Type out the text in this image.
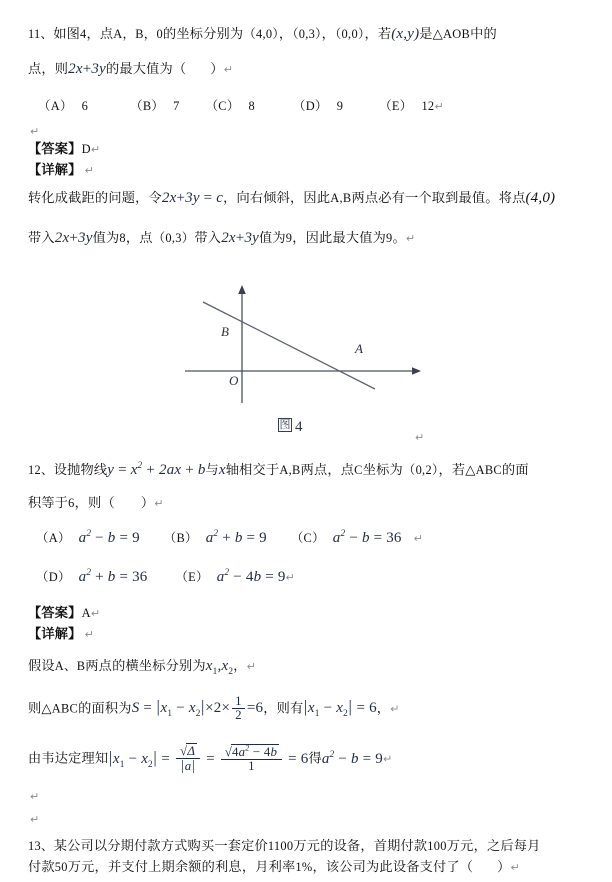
11、如图4，点A，B，0的坐标分别为（4,0），（0,3），（0,0），若(x,y)是△AOB中的
点，则2x+3y的最大值为（ ）↵
（A） 6	（B） 7 （C） 8	（D） 9	（E） 12↵
↵
【答案】D↵
【详解】 ↵
转化成截距的问题，令2x+3y = c，向右倾斜，因此A,B两点必有一个取到最值。将点(4,0)
带入2x+3y值为8，点（0,3）带入2x+3y值为9，因此最大值为9。↵
B
O
A
图 4
↵
12、设抛物线$y = x^2 + 2ax + b$与x轴相交于A,B两点，点C坐标为（0,2），若△ABC的面
积等于6，则（ ）↵
（A） $a^2 - b = 9$ （B） $a^2 + b = 9$ （C） $a^2 - b = 36$ ↵
（D） $a^2 + b = 36$ （E） $a^2 - 4b$ = 9↵
【答案】A↵
【详解】 ↵
假设A、B两点的横坐标分别为$x_1,x_2$，↵
则△ABC的面积为$S = |x_1 - x_2|\times 2\times \frac{1}{2} =6$，则有$|x_1 - x_2| = 6$，↵
由韦达定理知$|x_1 - x_2| = \frac{√\Delta}{|a|} = \frac{√4a^2 - 4b}{1} = 6$得$a^2 - b$ = 9↵
↵
↵
13、某公司以分期付款方式购买一套定价1100万元的设备，首期付款100万元，之后每月
付款50万元，并支付上期余额的利息，月利率1%，该公司为此设备支付了（ ）↵
